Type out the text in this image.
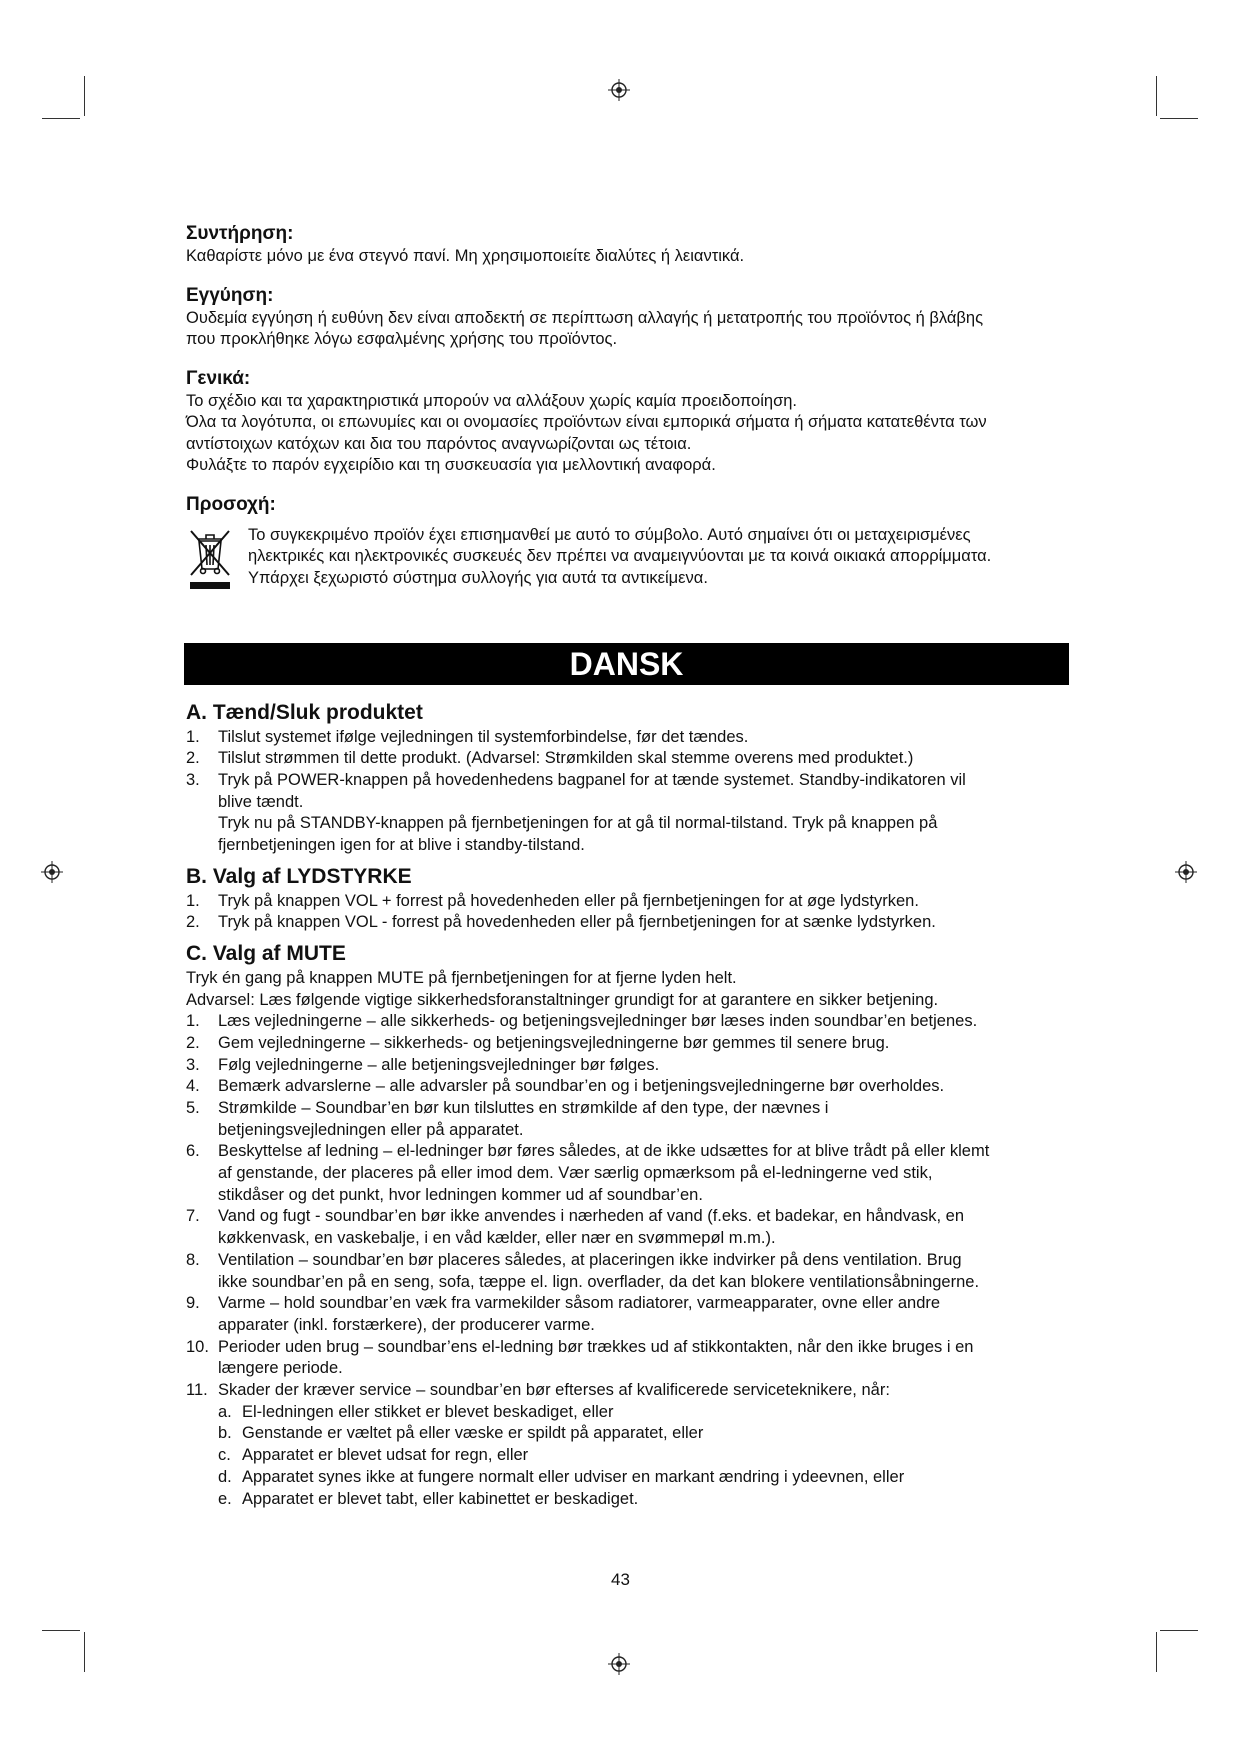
Συντήρηση:

Καθαρίστε μόνο με ένα στεγνό πανί. Μη χρησιμοποιείτε διαλύτες ή λειαντικά.

Εγγύηση:

Ουδεμία εγγύηση ή ευθύνη δεν είναι αποδεκτή σε περίπτωση αλλαγής ή μετατροπής του προϊόντος ή βλάβης

που προκλήθηκε λόγω εσφαλμένης χρήσης του προϊόντος.

Γενικά:

Το σχέδιο και τα χαρακτηριστικά μπορούν να αλλάξουν χωρίς καμία προειδοποίηση.

Όλα τα λογότυπα, οι επωνυμίες και οι ονομασίες προϊόντων είναι εμπορικά σήματα ή σήματα κατατεθέντα των

αντίστοιχων κατόχων και δια του παρόντος αναγνωρίζονται ως τέτοια.

Φυλάξτε το παρόν εγχειρίδιο και τη συσκευασία για μελλοντική αναφορά.

Προσοχή:

Το συγκεκριμένο προϊόν έχει επισημανθεί με αυτό το σύμβολο. Αυτό σημαίνει ότι οι μεταχειρισμένες

ηλεκτρικές και ηλεκτρονικές συσκευές δεν πρέπει να αναμειγνύονται με τα κοινά οικιακά απορρίμματα.

Υπάρχει ξεχωριστό σύστημα συλλογής για αυτά τα αντικείμενα.

DANSK

A. Tænd/Sluk produktet

1.	Tilslut systemet ifølge vejledningen til systemforbindelse, før det tændes.
2.	Tilslut strømmen til dette produkt. (Advarsel: Strømkilden skal stemme overens med produktet.)
3.	Tryk på POWER-knappen på hovedenhedens bagpanel for at tænde systemet. Standby-indikatoren vil
blive tændt.
Tryk nu på STANDBY-knappen på fjernbetjeningen for at gå til normal-tilstand. Tryk på knappen på
fjernbetjeningen igen for at blive i standby-tilstand.

B. Valg af LYDSTYRKE

1.	Tryk på knappen VOL + forrest på hovedenheden eller på fjernbetjeningen for at øge lydstyrken.
2.	Tryk på knappen VOL - forrest på hovedenheden eller på fjernbetjeningen for at sænke lydstyrken.

C. Valg af MUTE

Tryk én gang på knappen MUTE på fjernbetjeningen for at fjerne lyden helt.

Advarsel: Læs følgende vigtige sikkerhedsforanstaltninger grundigt for at garantere en sikker betjening.

1.	Læs vejledningerne – alle sikkerheds- og betjeningsvejledninger bør læses inden soundbar’en betjenes.
2.	Gem vejledningerne – sikkerheds- og betjeningsvejledningerne bør gemmes til senere brug.
3.	Følg vejledningerne – alle betjeningsvejledninger bør følges.
4.	Bemærk advarslerne – alle advarsler på soundbar’en og i betjeningsvejledningerne bør overholdes.
5.	Strømkilde – Soundbar’en bør kun tilsluttes en strømkilde af den type, der nævnes i
betjeningsvejledningen eller på apparatet.
6.	Beskyttelse af ledning – el-ledninger bør føres således, at de ikke udsættes for at blive trådt på eller klemt
af genstande, der placeres på eller imod dem. Vær særlig opmærksom på el-ledningerne ved stik,
stikdåser og det punkt, hvor ledningen kommer ud af soundbar’en.
7.	Vand og fugt - soundbar’en bør ikke anvendes i nærheden af vand (f.eks. et badekar, en håndvask, en
køkkenvask, en vaskebalje, i en våd kælder, eller nær en svømmepøl m.m.).
8.	Ventilation – soundbar’en bør placeres således, at placeringen ikke indvirker på dens ventilation. Brug
ikke soundbar’en på en seng, sofa, tæppe el. lign. overflader, da det kan blokere ventilationsåbningerne.
9.	Varme – hold soundbar’en væk fra varmekilder såsom radiatorer, varmeapparater, ovne eller andre
apparater (inkl. forstærkere), der producerer varme.
10. Perioder uden brug – soundbar’ens el-ledning bør trækkes ud af stikkontakten, når den ikke bruges i en
længere periode.
11. Skader der kræver service – soundbar’en bør efterses af kvalificerede serviceteknikere, når:
a. El-ledningen eller stikket er blevet beskadiget, eller
b. Genstande er væltet på eller væske er spildt på apparatet, eller
c. Apparatet er blevet udsat for regn, eller
d. Apparatet synes ikke at fungere normalt eller udviser en markant ændring i ydeevnen, eller
e. Apparatet er blevet tabt, eller kabinettet er beskadiget.
43
